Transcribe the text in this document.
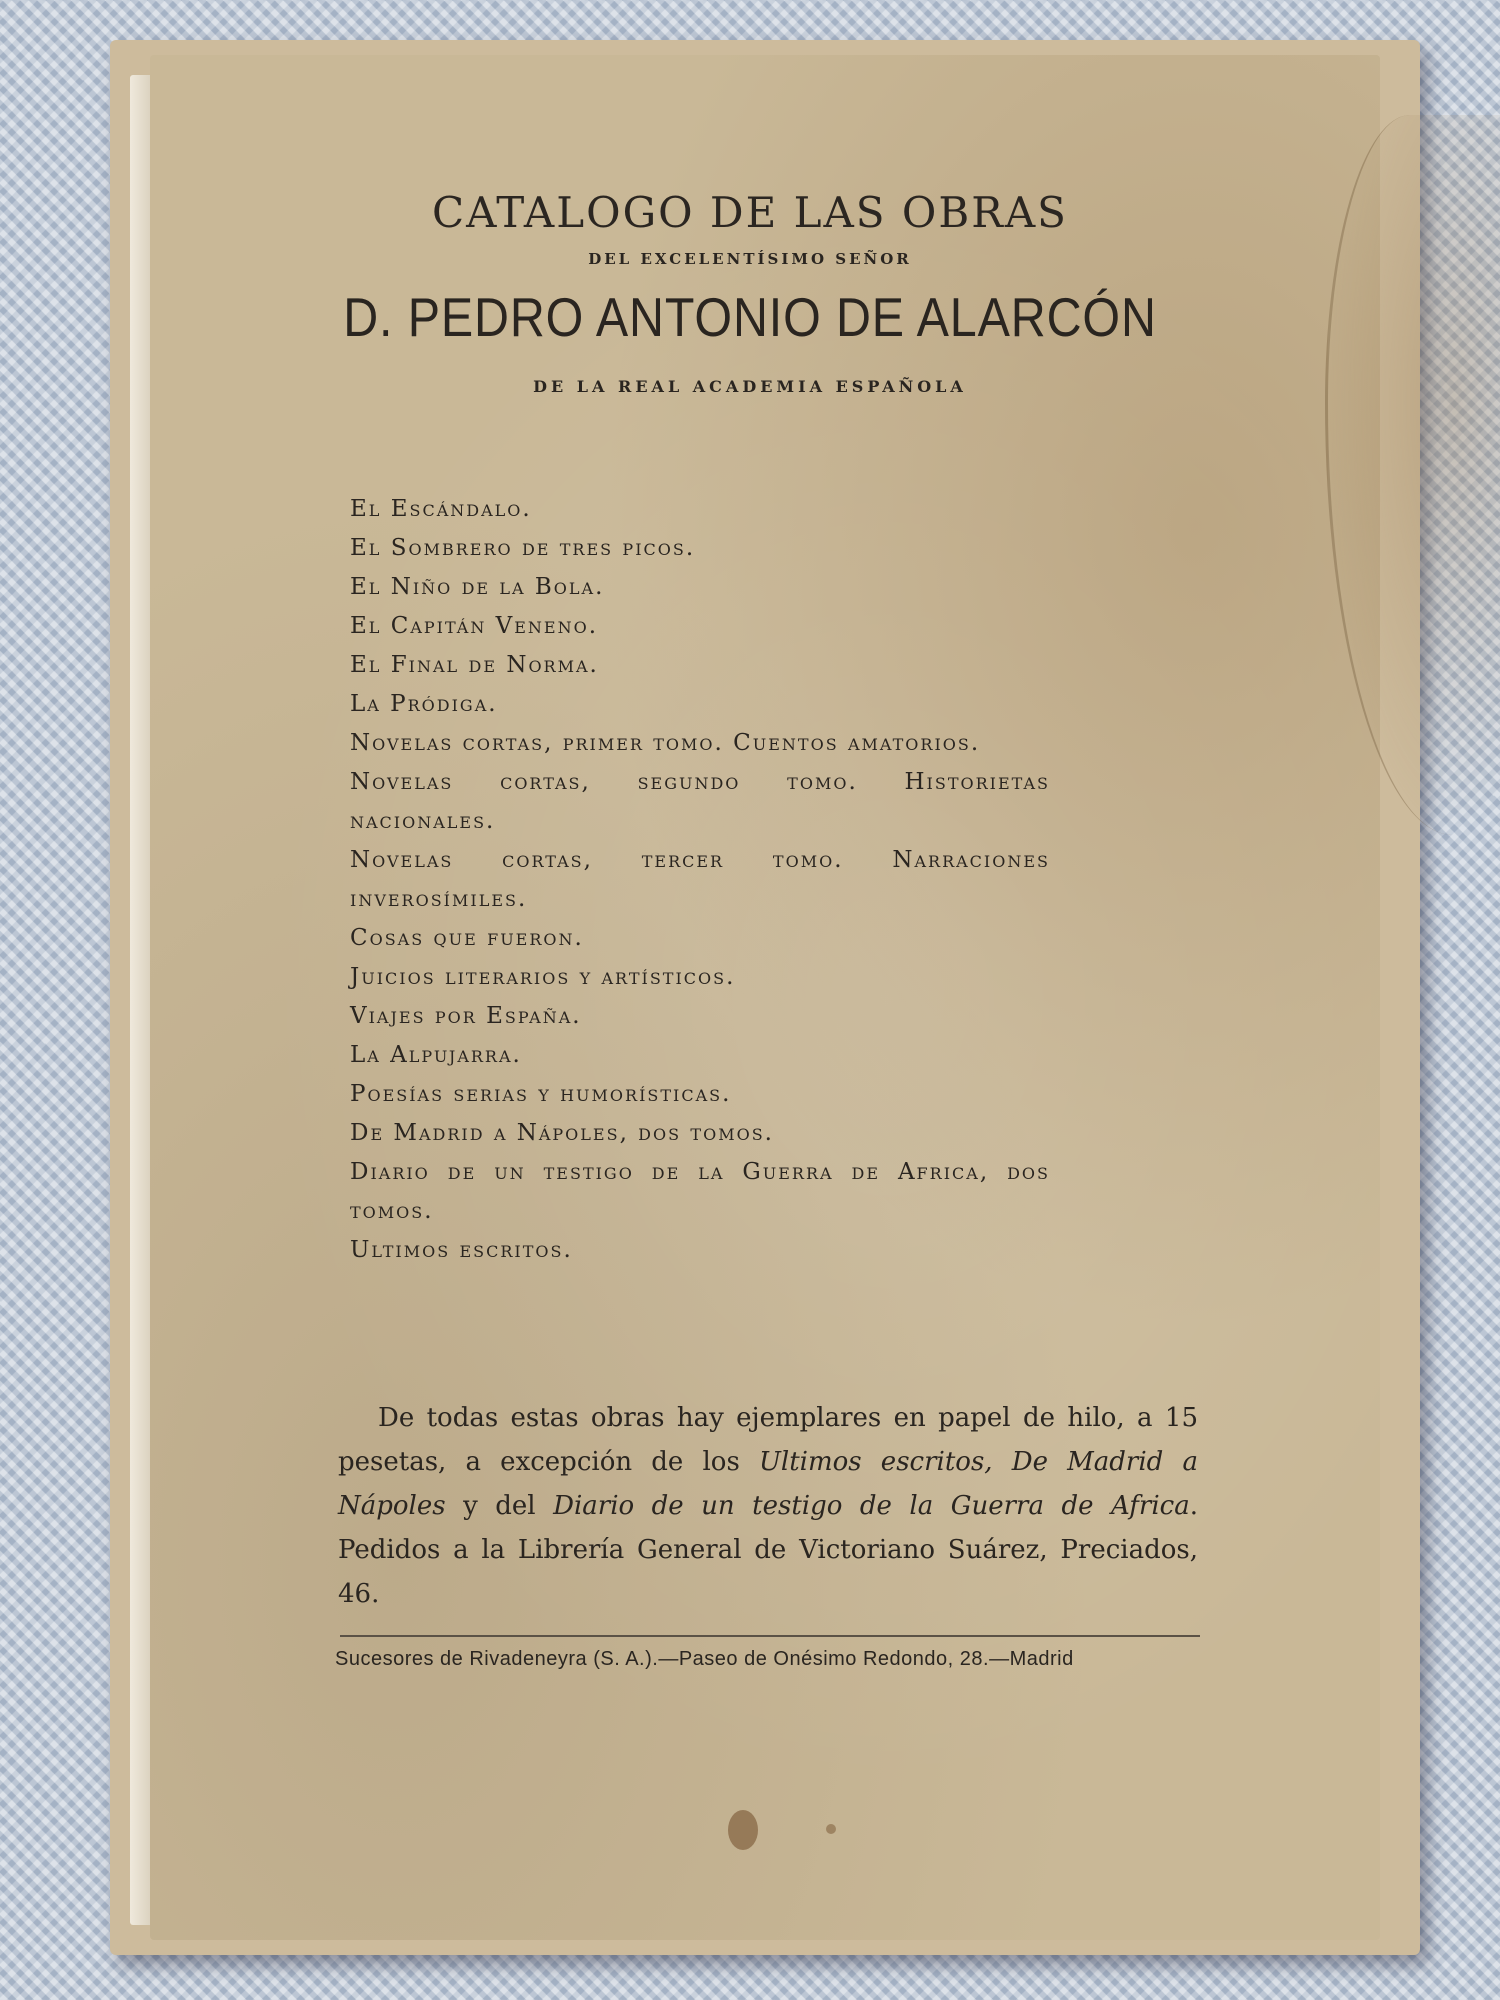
CATALOGO DE LAS OBRAS
DEL EXCELENTÍSIMO SEÑOR
D. PEDRO ANTONIO DE ALARCÓN
DE LA REAL ACADEMIA ESPAÑOLA
El Escándalo.
El Sombrero de tres picos.
El Niño de la Bola.
El Capitán Veneno.
El Final de Norma.
La Pródiga.
Novelas cortas, primer tomo. Cuentos amatorios.
Novelas cortas, segundo tomo. Historietas nacionales.
Novelas cortas, tercer tomo. Narraciones inverosímiles.
Cosas que fueron.
Juicios literarios y artísticos.
Viajes por España.
La Alpujarra.
Poesías serias y humorísticas.
De Madrid a Nápoles, dos tomos.
Diario de un testigo de la Guerra de Africa, dos tomos.
Ultimos escritos.

De todas estas obras hay ejemplares en papel de hilo, a 15 pesetas, a excepción de los Ultimos escritos, De Madrid a Nápoles y del Diario de un testigo de la Guerra de Africa. Pedidos a la Librería General de Victoriano Suárez, Preciados, 46.

Sucesores de Rivadeneyra (S. A.).—Paseo de Onésimo Redondo, 28.—Madrid
